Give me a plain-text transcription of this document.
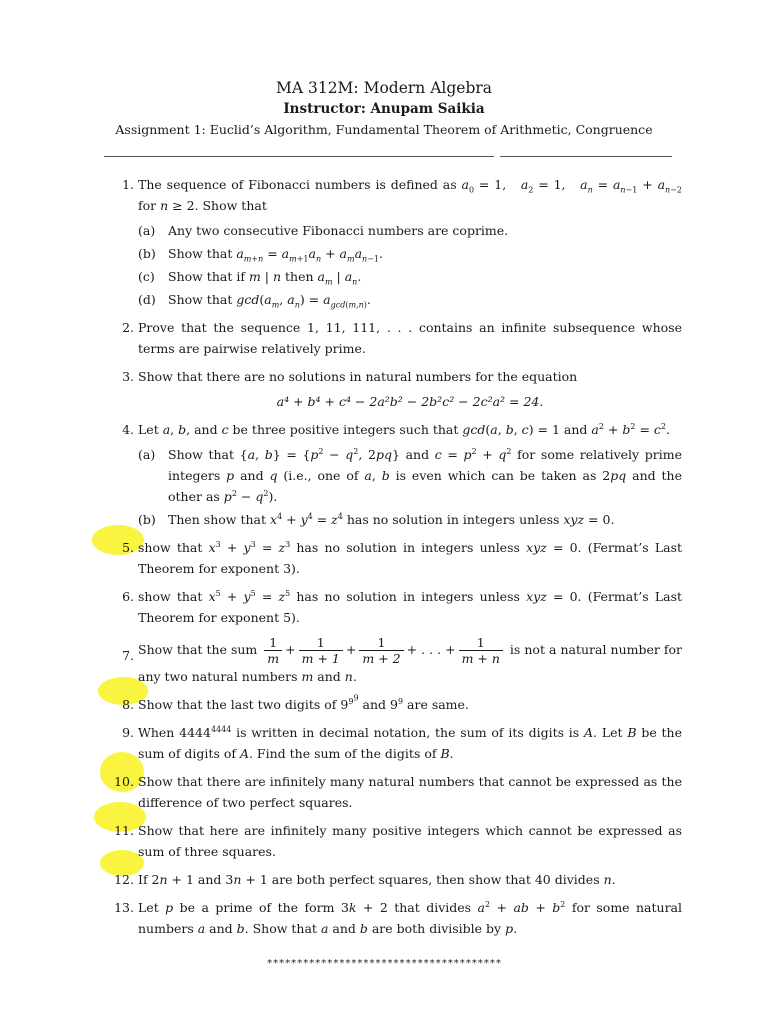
MA 312M: Modern Algebra
Instructor: Anupam Saikia
Assignment 1: Euclid’s Algorithm, Fundamental Theorem of Arithmetic, Congruence
1. The sequence of Fibonacci numbers is defined as $a_0 = 1$,   $a_2 = 1$,   $a_n = a_{n-1} + a_{n-2}$ for n ≥ 2. Show that
(a)	Any two consecutive Fibonacci numbers are coprime.
(b) Show that $a_{m+n} = a_{m+1}a_n + a_ma_{n-1}$.
(c)	Show that if m | n then $a_m$ | $a_n$.
(d) Show that $\gcd(a_m$, $a_n) = a_{gcd(m,n)}$.
2. Prove that the sequence 1, 11, 111, . . . contains an infinite subsequence whose terms are pairwise relatively prime.
3. Show that there are no solutions in natural numbers for the equation
a⁴ + b⁴ + c⁴ − 2a²b² − 2b²c² − 2c²a² = 24.
4. Let a, b, and c be three positive integers such that gcd(a, b, c) = 1 and $a^2 + b^2 = c^2$.
(a)	Show that {a, $b\} = \{p^2 - q^2$, 2pq} and $c = p^2 + q^2$ for some relatively prime integers p and q (i.e., one of a, b is even which can be taken as 2pq and the other as $p^2 - q^2$).
(b) Then show that $x^4 + y^4 = z^4$ has no solution in integers unless xyz = 0.
5. show that $x^3 + y^3 = z^3$ has no solution in integers unless xyz = 0. (Fermat’s Last Theorem for exponent 3).
6. show that $x^5 + y^5 = z^5$ has no solution in integers unless xyz = 0. (Fermat’s Last Theorem for exponent 5).
7. Show that the sum $\frac{1}{m} + \frac{1}{m + 1} + \frac{1}{m + 2}$ + . . . + $\frac{1}{m + n}$ is not a natural number for any two natural numbers m and n.
8. Show that the last two digits of $9^{9^9}$ and $9^9$ are same.
9. When $4444^{4444}$ is written in decimal notation, the sum of its digits is A. Let B be the sum of digits of A. Find the sum of the digits of B.
10. Show that there are infinitely many natural numbers that cannot be expressed as the difference of two perfect squares.
11. Show that here are infinitely many positive integers which cannot be expressed as sum of three squares.
12. If 2n + 1 and 3n + 1 are both perfect squares, then show that 40 divides n.
13. Let p be a prime of the form 3k + 2 that divides $a^2$ + ab + $b^2$ for some natural numbers a and b. Show that a and b are both divisible by p.
***************************************
